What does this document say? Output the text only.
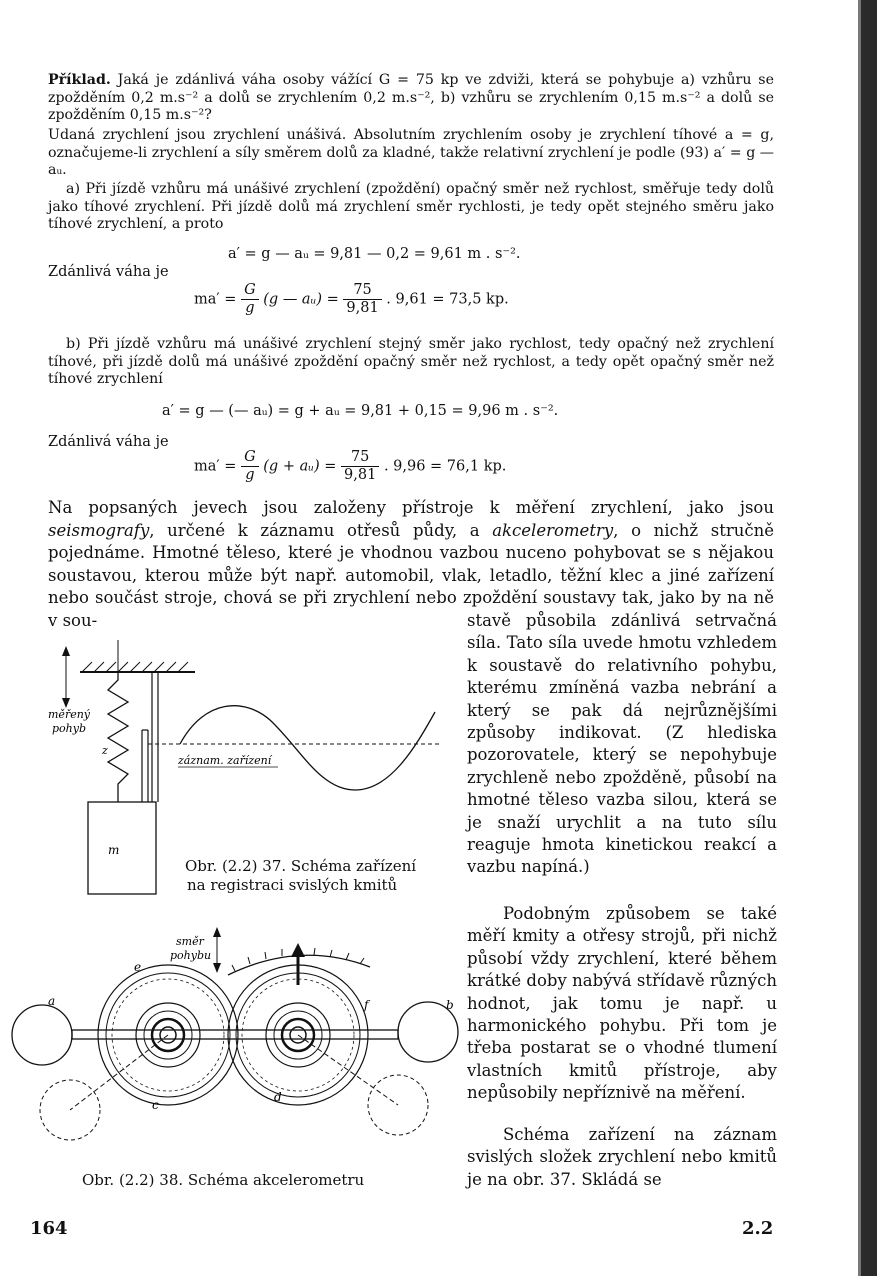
Příklad. Jaká je zdánlivá váha osoby vážící G = 75 kp ve zdviži, která se pohybuje a) vzhůru se zpožděním 0,2 m.s⁻² a dolů se zrychlením 0,2 m.s⁻², b) vzhůru se zrychlením 0,15 m.s⁻² a dolů se zpožděním 0,15 m.s⁻²?

Udaná zrychlení jsou zrychlení unášivá. Absolutním zrychlením osoby je zrychlení tíhové a = g, označujeme-li zrychlení a síly směrem dolů za kladné, takže relativní zrychlení je podle (93) a′ = g — aᵤ.

a) Při jízdě vzhůru má unášivé zrychlení (zpoždění) opačný směr než rychlost, směřuje tedy dolů jako tíhové zrychlení. Při jízdě dolů má zrychlení směr rychlosti, je tedy opět stejného směru jako tíhové zrychlení, a proto

a′ = g — aᵤ = 9,81 — 0,2 = 9,61 m . s⁻².
Zdánlivá váha je
$ma' = \frac{G}{g} (g$ — aᵤ) = $\frac{75}{9,81}$ . 9,61 = 73,5 kp.

b) Při jízdě vzhůru má unášivé zrychlení stejný směr jako rychlost, tedy opačný než zrychlení tíhové, při jízdě dolů má unášivé zpoždění opačný směr než rychlost, a tedy opět opačný směr než tíhové zrychlení

a′ = g — (— aᵤ) = g + aᵤ = 9,81 + 0,15 = 9,96 m . s⁻².
Zdánlivá váha je
$ma' = \frac{G}{g} (g$ + aᵤ) = $\frac{75}{9,81}$ . 9,96 = 76,1 kp.

Na popsaných jevech jsou založeny přístroje k měření zrychlení, jako jsou seismografy, určené k záznamu otřesů půdy, a akcelerometry, o nichž stručně pojednáme. Hmotné těleso, které je vhodnou vazbou nuceno pohybovat se s nějakou soustavou, kterou může být např. automobil, vlak, letadlo, těžní klec a jiné zařízení nebo součást stroje, chová se při zrychlení nebo zpoždění soustavy tak, jako by na ně v sou-	stavě působila zdánlivá setrvačná síla. Tato síla uvede hmotu vzhledem k soustavě do relativního pohybu, kterému zmíněná vazba nebrání a který se pak dá nejrůznějšími způsoby indikovat. (Z hlediska pozorovatele, který se nepohybuje zrychleně nebo zpožděně, působí na hmotné těleso vazba silou, která se je snaží urychlit a na tuto sílu reaguje hmota kinetickou reakcí a vazbu napíná.)

Podobným způsobem se také měří kmity a otřesy strojů, při nichž působí vždy zrychlení, které během krátké doby nabývá střídavě různých hodnot, jak tomu je např. u harmonického pohybu. Při tom je třeba postarat se o vhodné tlumení vlastních kmitů přístroje, aby nepůsobily nepříznivě na měření.

Schéma zařízení na záznam svislých složek zrychlení nebo kmitů je na obr. 37. Skládá se

měřený
pohyb
z
m
záznam. zařízení
Obr. (2.2) 37. Schéma zařízení
na registraci svislých kmitů
směr
pohybu
a	b
c
d
e
f
Obr. (2.2) 38. Schéma akcelerometru
164	2.2
